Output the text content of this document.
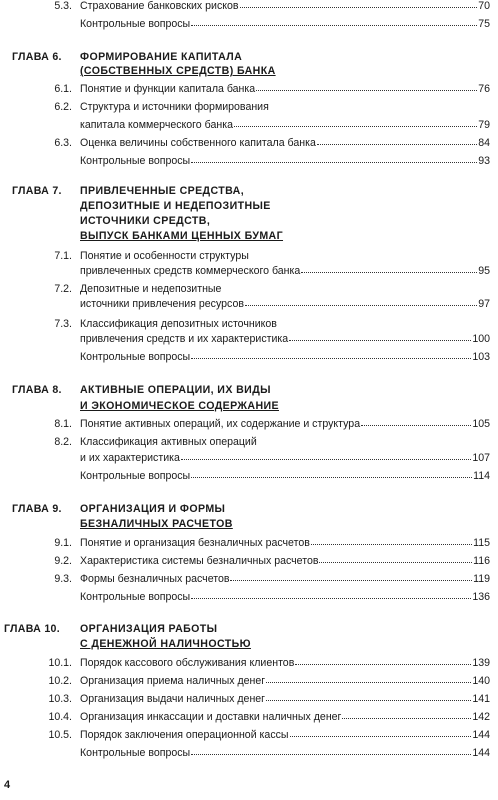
5.3. Страхование банковских рисков	70
Контрольные вопросы	75
ГЛАВА 6.	ФОРМИРОВАНИЕ КАПИТАЛА
(СОБСТВЕННЫХ СРЕДСТВ) БАНКА
6.1. Понятие и функции капитала банка	76
6.2. Структура и источники формирования
капитала коммерческого банка	79
6.3. Оценка величины собственного капитала банка	84
Контрольные вопросы	93
ГЛАВА 7.	ПРИВЛЕЧЕННЫЕ СРЕДСТВА,
ДЕПОЗИТНЫЕ И НЕДЕПОЗИТНЫЕ
ИСТОЧНИКИ СРЕДСТВ,
ВЫПУСК БАНКАМИ ЦЕННЫХ БУМАГ
7.1. Понятие и особенности структуры
привлеченных средств коммерческого банка	95
7.2. Депозитные и недепозитные
источники привлечения ресурсов	97
7.3. Классификация депозитных источников
привлечения средств и их характеристика	100
Контрольные вопросы	103
ГЛАВА 8.	АКТИВНЫЕ ОПЕРАЦИИ, ИХ ВИДЫ
И ЭКОНОМИЧЕСКОЕ СОДЕРЖАНИЕ
8.1. Понятие активных операций, их содержание и структура	105
8.2. Классификация активных операций
и их характеристика	107
Контрольные вопросы	114
ГЛАВА 9.	ОРГАНИЗАЦИЯ И ФОРМЫ
БЕЗНАЛИЧНЫХ РАСЧЕТОВ
9.1. Понятие и организация безналичных расчетов	115
9.2. Характеристика системы безналичных расчетов	116
9.3. Формы безналичных расчетов	119
Контрольные вопросы	136
ГЛАВА 10.	ОРГАНИЗАЦИЯ РАБОТЫ
С ДЕНЕЖНОЙ НАЛИЧНОСТЬЮ
10.1. Порядок кассового обслуживания клиентов	139
10.2. Организация приема наличных денег	140
10.3. Организация выдачи наличных денег	141
10.4. Организация инкассации и доставки наличных денег	142
10.5. Порядок заключения операционной кассы	144
Контрольные вопросы	144
4
